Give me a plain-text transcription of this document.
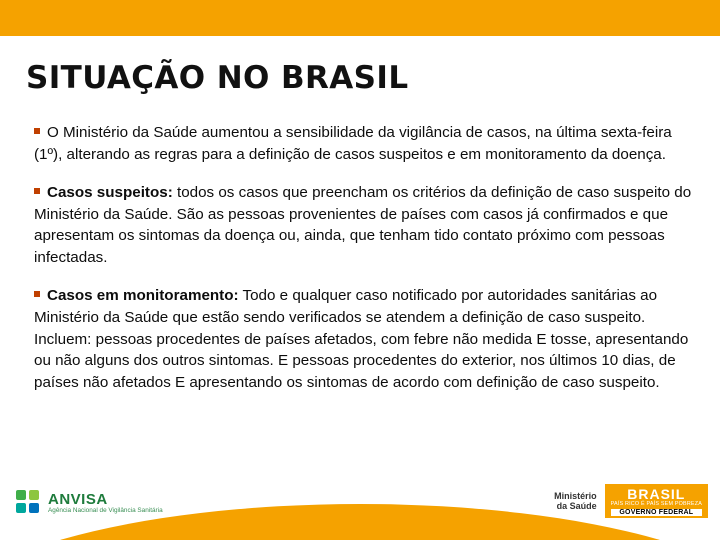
SITUAÇÃO NO BRASIL
O Ministério da Saúde aumentou a sensibilidade da vigilância de casos, na última sexta-feira (1º), alterando as regras para a definição de casos suspeitos e em monitoramento da doença.
Casos suspeitos: todos os casos que preencham os critérios da definição de caso suspeito do Ministério da Saúde. São as pessoas provenientes de países com casos já confirmados e que apresentam os sintomas da doença ou, ainda, que tenham tido contato próximo com pessoas infectadas.
Casos em monitoramento: Todo e qualquer caso notificado por autoridades sanitárias ao Ministério da Saúde que estão sendo verificados se atendem a definição de caso suspeito. Incluem: pessoas procedentes de países afetados, com febre não medida E tosse, apresentando ou não alguns dos outros sintomas. E pessoas procedentes do exterior, nos últimos 10 dias, de países não afetados E apresentando os sintomas de acordo com definição de caso suspeito.
ANVISA
Agência Nacional de Vigilância Sanitária
Ministério
da Saúde
BRASIL
PAÍS RICO É PAÍS SEM POBREZA
GOVERNO FEDERAL
